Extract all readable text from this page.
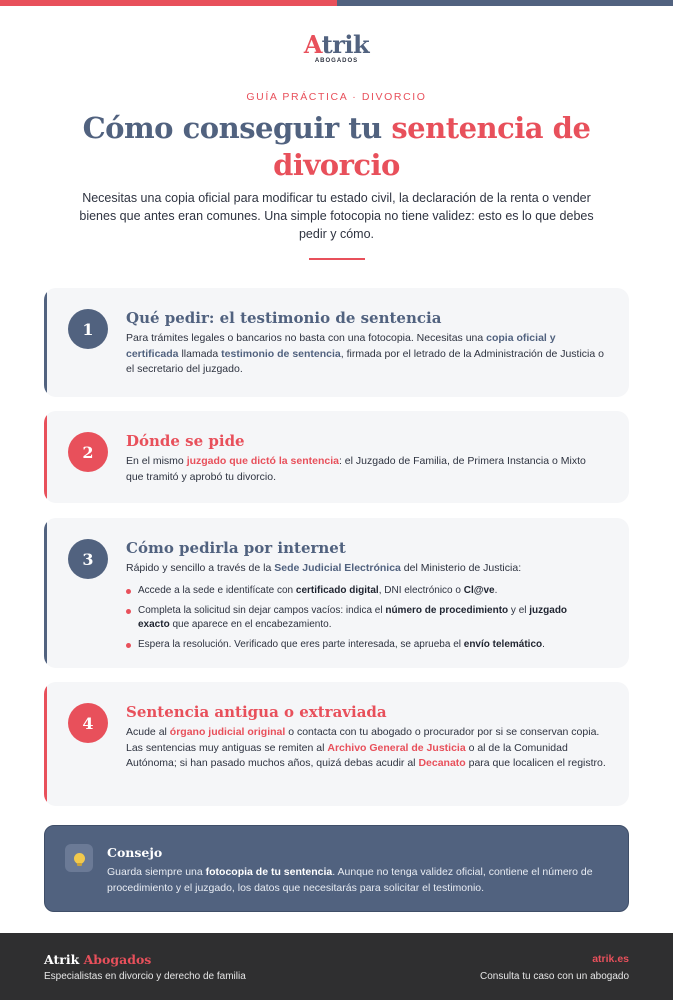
Atrik
ABOGADOS
GUÍA PRÁCTICA · DIVORCIO
Cómo conseguir tu sentencia de divorcio

Necesitas una copia oficial para modificar tu estado civil, la declaración de la renta o vender bienes que antes eran comunes. Una simple fotocopia no tiene validez: esto es lo que debes pedir y cómo.

1
Qué pedir: el testimonio de sentencia
Para trámites legales o bancarios no basta con una fotocopia. Necesitas una copia oficial y certificada llamada testimonio de sentencia, firmada por el letrado de la Administración de Justicia o el secretario del juzgado.
2
Dónde se pide
En el mismo juzgado que dictó la sentencia: el Juzgado de Familia, de Primera Instancia o Mixto que tramitó y aprobó tu divorcio.
3
Cómo pedirla por internet
Rápido y sencillo a través de la Sede Judicial Electrónica del Ministerio de Justicia:
Accede a la sede e identifícate con certificado digital, DNI electrónico o Cl@ve.
Completa la solicitud sin dejar campos vacíos: indica el número de procedimiento y el juzgado exacto que aparece en el encabezamiento.
Espera la resolución. Verificado que eres parte interesada, se aprueba el envío telemático.
4
Sentencia antigua o extraviada
Acude al órgano judicial original o contacta con tu abogado o procurador por si se conservan copia. Las sentencias muy antiguas se remiten al Archivo General de Justicia o al de la Comunidad Autónoma; si han pasado muchos años, quizá debas acudir al Decanato para que localicen el registro.
Consejo

Guarda siempre una fotocopia de tu sentencia. Aunque no tenga validez oficial, contiene el número de procedimiento y el juzgado, los datos que necesitarás para solicitar el testimonio.

Atrik Abogados
Especialistas en divorcio y derecho de familia
atrik.es
Consulta tu caso con un abogado
